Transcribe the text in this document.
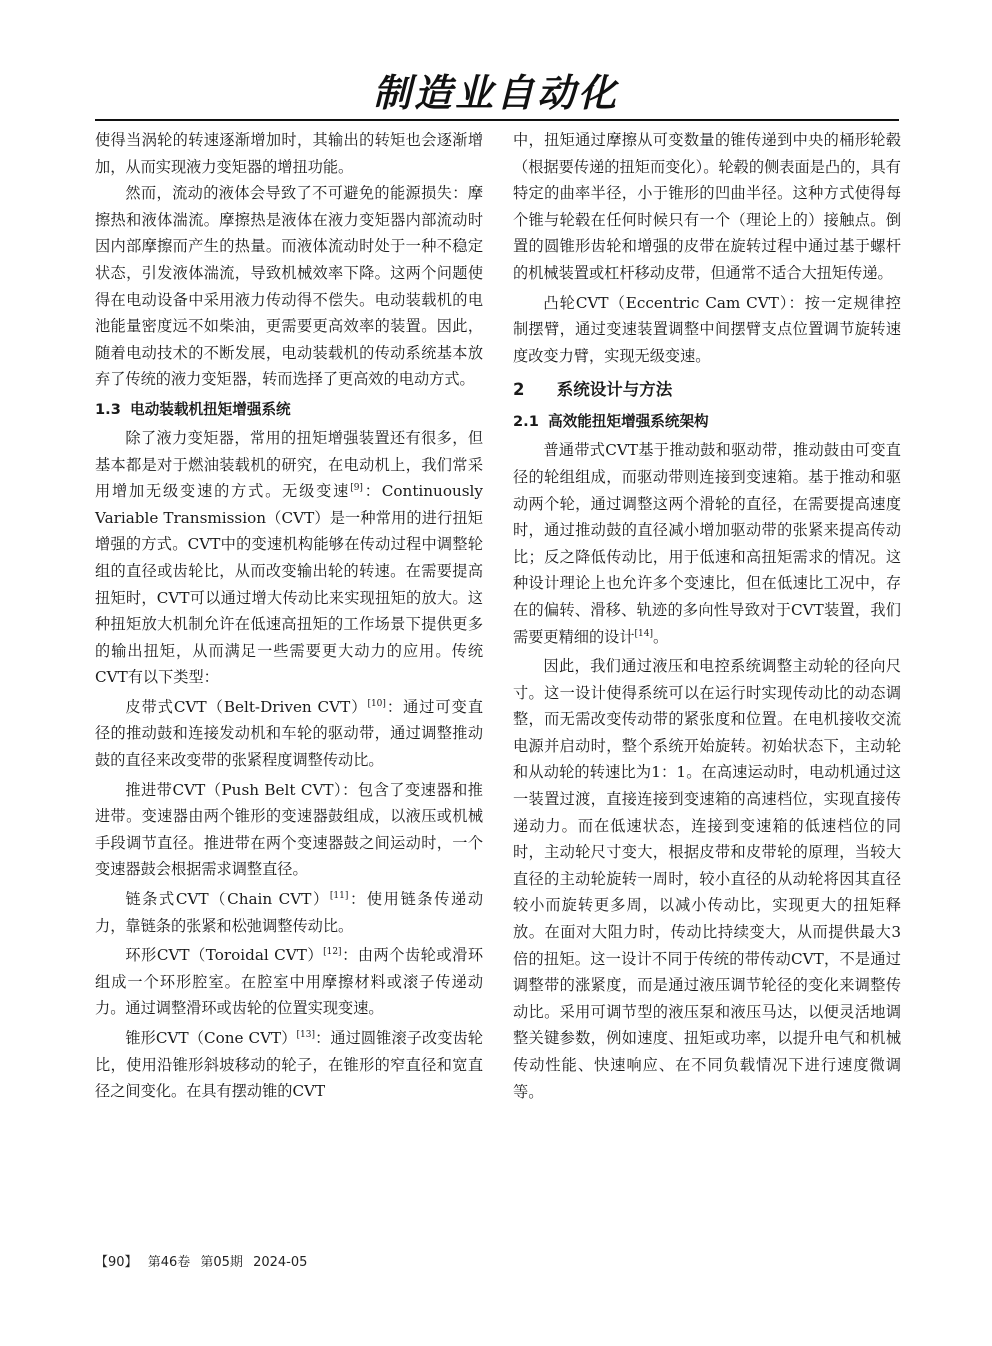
制造业自动化

使得当涡轮的转速逐渐增加时，其输出的转矩也会逐渐增加，从而实现液力变矩器的增扭功能。

然而，流动的液体会导致了不可避免的能源损失：摩擦热和液体湍流。摩擦热是液体在液力变矩器内部流动时因内部摩擦而产生的热量。而液体流动时处于一种不稳定状态，引发液体湍流，导致机械效率下降。这两个问题使得在电动设备中采用液力传动得不偿失。电动装载机的电池能量密度远不如柴油，更需要更高效率的装置。因此，随着电动技术的不断发展，电动装载机的传动系统基本放弃了传统的液力变矩器，转而选择了更高效的电动方式。

1.3 电动装载机扭矩增强系统

除了液力变矩器，常用的扭矩增强装置还有很多，但基本都是对于燃油装载机的研究，在电动机上，我们常采用增加无级变速的方式。无级变速[9]：Continuously Variable Transmission（CVT）是一种常用的进行扭矩增强的方式。CVT中的变速机构能够在传动过程中调整轮组的直径或齿轮比，从而改变输出轮的转速。在需要提高扭矩时，CVT可以通过增大传动比来实现扭矩的放大。这种扭矩放大机制允许在低速高扭矩的工作场景下提供更多的输出扭矩，从而满足一些需要更大动力的应用。传统CVT有以下类型：

皮带式CVT（Belt-Driven CVT）[10]：通过可变直径的推动鼓和连接发动机和车轮的驱动带，通过调整推动鼓的直径来改变带的张紧程度调整传动比。

推进带CVT（Push Belt CVT）：包含了变速器和推进带。变速器由两个锥形的变速器鼓组成，以液压或机械手段调节直径。推进带在两个变速器鼓之间运动时，一个变速器鼓会根据需求调整直径。

链条式CVT（Chain CVT）[11]：使用链条传递动力，靠链条的张紧和松弛调整传动比。

环形CVT（Toroidal CVT）[12]：由两个齿轮或滑环组成一个环形腔室。在腔室中用摩擦材料或滚子传递动力。通过调整滑环或齿轮的位置实现变速。

锥形CVT（Cone CVT）[13]：通过圆锥滚子改变齿轮比，使用沿锥形斜坡移动的轮子，在锥形的窄直径和宽直径之间变化。在具有摆动锥的CVT

中，扭矩通过摩擦从可变数量的锥传递到中央的桶形轮毂（根据要传递的扭矩而变化）。轮毂的侧表面是凸的，具有特定的曲率半径，小于锥形的凹曲半径。这种方式使得每个锥与轮毂在任何时候只有一个（理论上的）接触点。倒置的圆锥形齿轮和增强的皮带在旋转过程中通过基于螺杆的机械装置或杠杆移动皮带，但通常不适合大扭矩传递。

凸轮CVT（Eccentric Cam CVT）：按一定规律控制摆臂，通过变速装置调整中间摆臂支点位置调节旋转速度改变力臂，实现无级变速。

2 系统设计与方法
2.1 高效能扭矩增强系统架构

普通带式CVT基于推动鼓和驱动带，推动鼓由可变直径的轮组组成，而驱动带则连接到变速箱。基于推动和驱动两个轮，通过调整这两个滑轮的直径，在需要提高速度时，通过推动鼓的直径减小增加驱动带的张紧来提高传动比；反之降低传动比，用于低速和高扭矩需求的情况。这种设计理论上也允许多个变速比，但在低速比工况中，存在的偏转、滑移、轨迹的多向性导致对于CVT装置，我们需要更精细的设计[14]。

因此，我们通过液压和电控系统调整主动轮的径向尺寸。这一设计使得系统可以在运行时实现传动比的动态调整，而无需改变传动带的紧张度和位置。在电机接收交流电源并启动时，整个系统开始旋转。初始状态下，主动轮和从动轮的转速比为1：1。在高速运动时，电动机通过这一装置过渡，直接连接到变速箱的高速档位，实现直接传递动力。而在低速状态，连接到变速箱的低速档位的同时，主动轮尺寸变大，根据皮带和皮带轮的原理，当较大直径的主动轮旋转一周时，较小直径的从动轮将因其直径较小而旋转更多周，以减小传动比，实现更大的扭矩释放。在面对大阻力时，传动比持续变大，从而提供最大3倍的扭矩。这一设计不同于传统的带传动CVT，不是通过调整带的涨紧度，而是通过液压调节轮径的变化来调整传动比。采用可调节型的液压泵和液压马达，以便灵活地调整关键参数，例如速度、扭矩或功率，以提升电气和机械传动性能、快速响应、在不同负载情况下进行速度微调等。

【90】 第46卷 第05期 2024-05
